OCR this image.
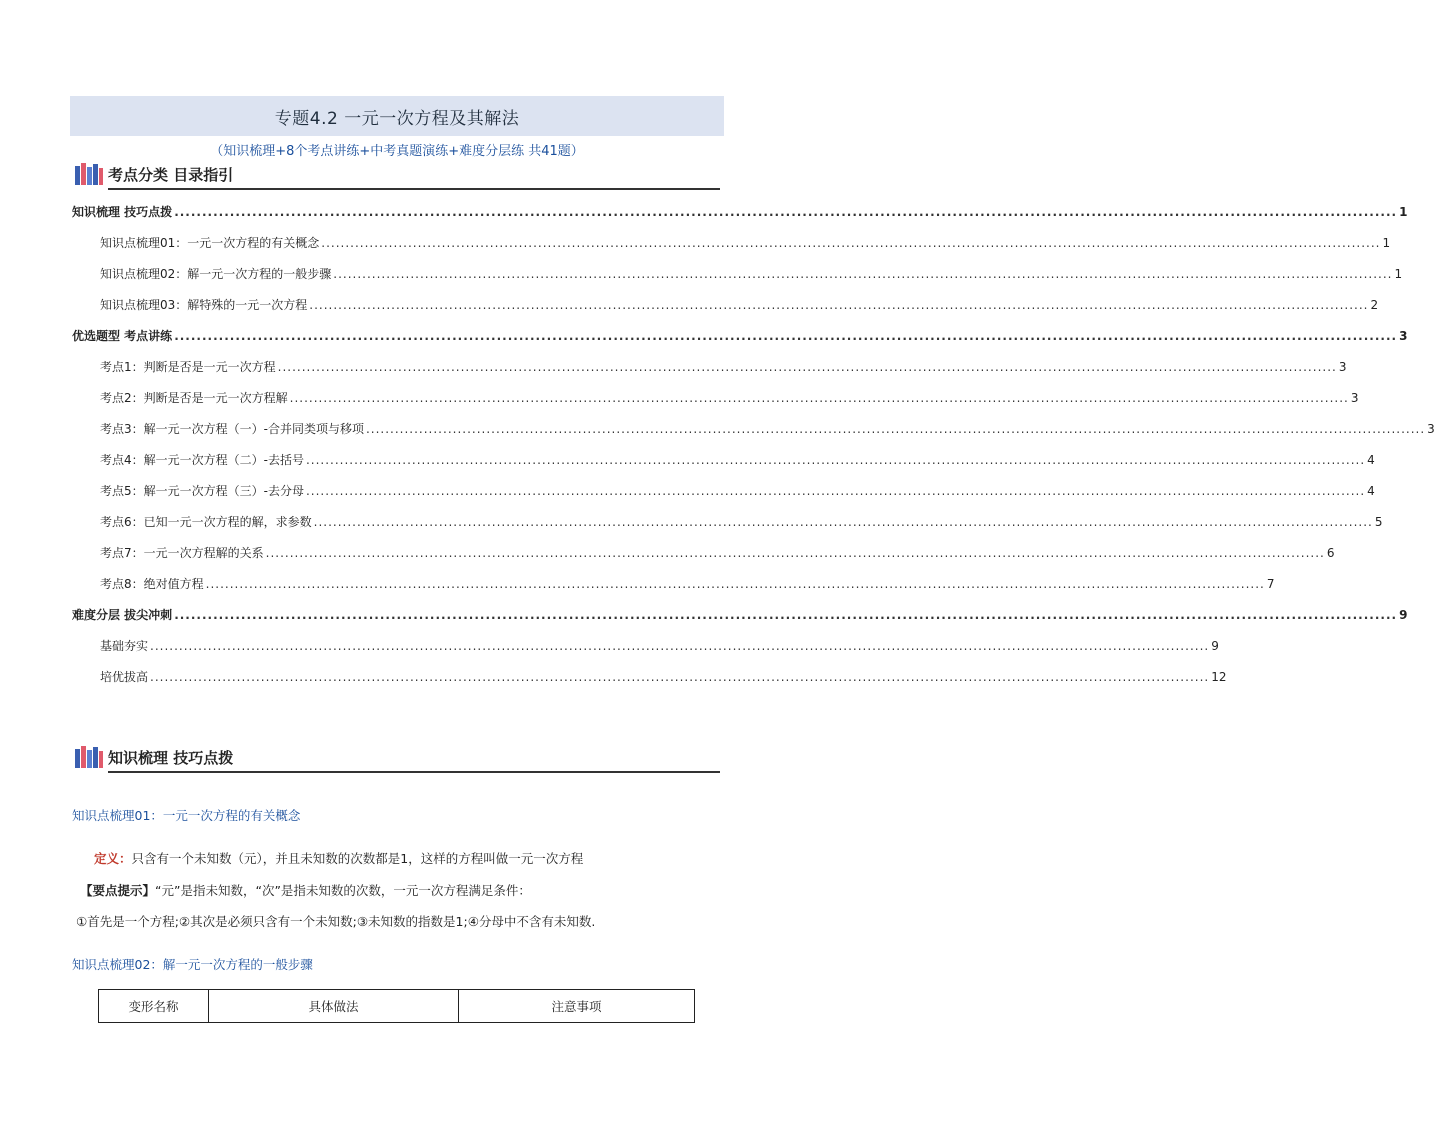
专题4.2 一元一次方程及其解法
（知识梳理+8个考点讲练+中考真题演练+难度分层练 共41题）
考点分类 目录指引
知识梳理 技巧点拨 ............................................................................................................................................................................................................................ 1
知识点梳理01：一元一次方程的有关概念 ............................................................................................................................................................................................................................ 1
知识点梳理02：解一元一次方程的一般步骤 ............................................................................................................................................................................................................................ 1
知识点梳理03：解特殊的一元一次方程 ............................................................................................................................................................................................................................ 2
优选题型 考点讲练 ............................................................................................................................................................................................................................ 3
考点1：判断是否是一元一次方程 ............................................................................................................................................................................................................................ 3
考点2：判断是否是一元一次方程解 ............................................................................................................................................................................................................................ 3
考点3：解一元一次方程（一）-合并同类项与移项 ............................................................................................................................................................................................................................ 3
考点4：解一元一次方程（二）-去括号 ............................................................................................................................................................................................................................ 4
考点5：解一元一次方程（三）-去分母 ............................................................................................................................................................................................................................ 4
考点6：已知一元一次方程的解，求参数 ............................................................................................................................................................................................................................ 5
考点7：一元一次方程解的关系 ............................................................................................................................................................................................................................ 6
考点8：绝对值方程 ............................................................................................................................................................................................................................ 7
难度分层 拔尖冲刺 ............................................................................................................................................................................................................................ 9
基础夯实 ............................................................................................................................................................................................................................ 9
培优拔高 ............................................................................................................................................................................................................................ 12
知识梳理 技巧点拨
知识点梳理01：一元一次方程的有关概念
定义：只含有一个未知数（元），并且未知数的次数都是1，这样的方程叫做一元一次方程
【要点提示】“元”是指未知数，“次”是指未知数的次数，一元一次方程满足条件：
①首先是一个方程;②其次是必须只含有一个未知数;③未知数的指数是1;④分母中不含有未知数.
知识点梳理02：解一元一次方程的一般步骤
变形名称	具体做法	注意事项
